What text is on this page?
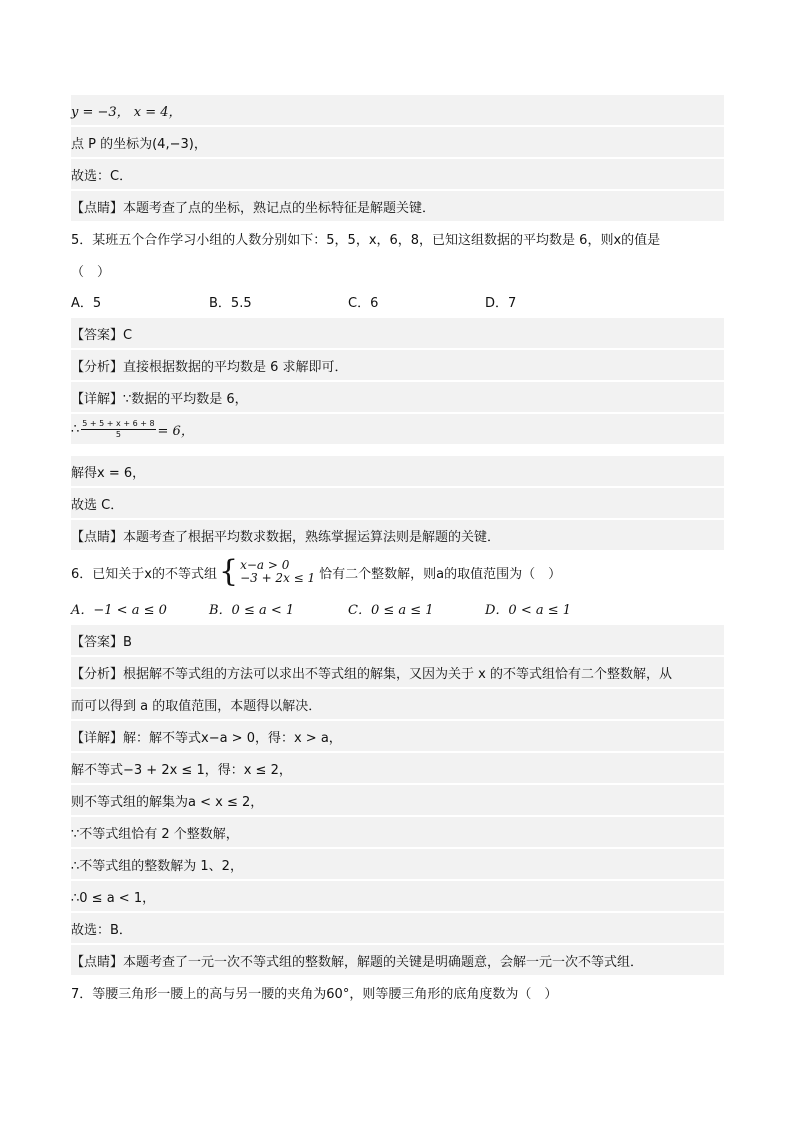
y = −3， x = 4，
点 P 的坐标为(4,−3)，
故选：C．
【点睛】本题考查了点的坐标，熟记点的坐标特征是解题关键．
5．某班五个合作学习小组的人数分别如下：5，5，x，6，8，已知这组数据的平均数是 6，则x的值是
（　）
A．5	B．5.5	C．6	D．7
【答案】C
【分析】直接根据数据的平均数是 6 求解即可．
【详解】∵数据的平均数是 6，
∴ $\frac{5 + 5 + x + 6 + 8}{5} = 6$，
解得x = 6，
故选 C．
【点睛】本题考查了根据平均数求数据，熟练掌握运算法则是解题的关键．
6．已知关于x的不等式组 { x−a > 0
−3 + 2x ≤ 1 恰有二个整数解，则a的取值范围为（　）
A．−1 < a ≤ 0	B．0 ≤ a < 1	C．0 ≤ a ≤ 1	D．0 < a ≤ 1
【答案】B
【分析】根据解不等式组的方法可以求出不等式组的解集，又因为关于 x 的不等式组恰有二个整数解，从
而可以得到 a 的取值范围，本题得以解决．
【详解】解：解不等式x−a > 0，得：x > a，
解不等式−3 + 2x ≤ 1，得：x ≤ 2，
则不等式组的解集为a < x ≤ 2，
∵不等式组恰有 2 个整数解，
∴不等式组的整数解为 1、2，
∴0 ≤ a < 1，
故选：B．
【点睛】本题考查了一元一次不等式组的整数解，解题的关键是明确题意，会解一元一次不等式组．
7．等腰三角形一腰上的高与另一腰的夹角为60°，则等腰三角形的底角度数为（　）
